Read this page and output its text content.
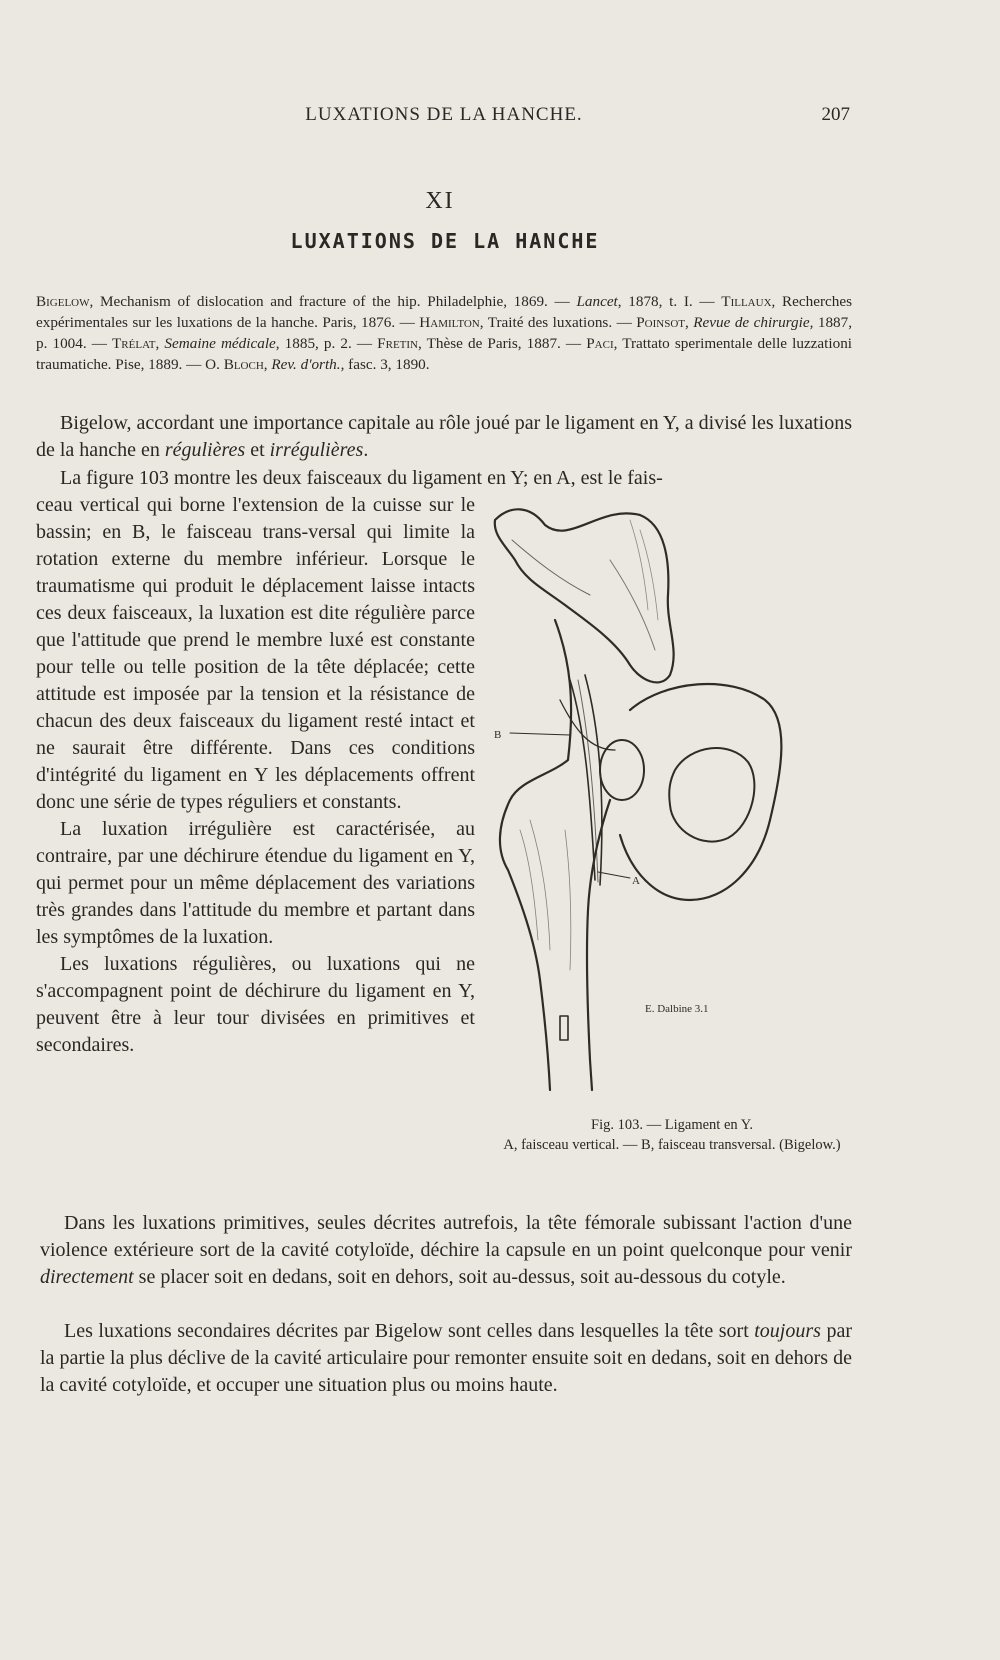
LUXATIONS DE LA HANCHE.	207
XI
LUXATIONS DE LA HANCHE
Bigelow, Mechanism of dislocation and fracture of the hip. Philadelphie, 1869. — Lancet, 1878, t. I. — Tillaux, Recherches expérimentales sur les luxations de la hanche. Paris, 1876. — Hamilton, Traité des luxations. — Poinsot, Revue de chirurgie, 1887, p. 1004. — Trélat, Semaine médicale, 1885, p. 2. — Fretin, Thèse de Paris, 1887. — Paci, Trattato sperimentale delle luzzationi traumatiche. Pise, 1889. — O. Bloch, Rev. d'orth., fasc. 3, 1890.

Bigelow, accordant une importance capitale au rôle joué par le ligament en Y, a divisé les luxations de la hanche en régulières et irrégulières.

La figure 103 montre les deux faisceaux du ligament en Y; en A, est le fais-

ceau vertical qui borne l'extension de la cuisse sur le bassin; en B, le faisceau trans-versal qui limite la rotation externe du membre inférieur. Lorsque le traumatisme qui produit le déplacement laisse intacts ces deux faisceaux, la luxation est dite régulière parce que l'attitude que prend le membre luxé est constante pour telle ou telle position de la tête déplacée; cette attitude est imposée par la tension et la résistance de chacun des deux faisceaux du ligament resté intact et ne saurait être différente. Dans ces conditions d'intégrité du ligament en Y les déplacements offrent donc une série de types réguliers et constants.

La luxation irrégulière est caractérisée, au contraire, par une déchirure étendue du ligament en Y, qui permet pour un même déplacement des variations très grandes dans l'attitude du membre et partant dans les symptômes de la luxation.

Les luxations régulières, ou luxations qui ne s'accompagnent point de déchirure du ligament en Y, peuvent être à leur tour divisées en primitives et secondaires.

B
A
E. Dalbine 3.1
Fig. 103. — Ligament en Y.
A, faisceau vertical. — B, faisceau transversal. (Bigelow.)

Dans les luxations primitives, seules décrites autrefois, la tête fémorale subissant l'action d'une violence extérieure sort de la cavité cotyloïde, déchire la capsule en un point quelconque pour venir directement se placer soit en dedans, soit en dehors, soit au-dessus, soit au-dessous du cotyle.

Les luxations secondaires décrites par Bigelow sont celles dans lesquelles la tête sort toujours par la partie la plus déclive de la cavité articulaire pour remonter ensuite soit en dedans, soit en dehors de la cavité cotyloïde, et occuper une situation plus ou moins haute.
